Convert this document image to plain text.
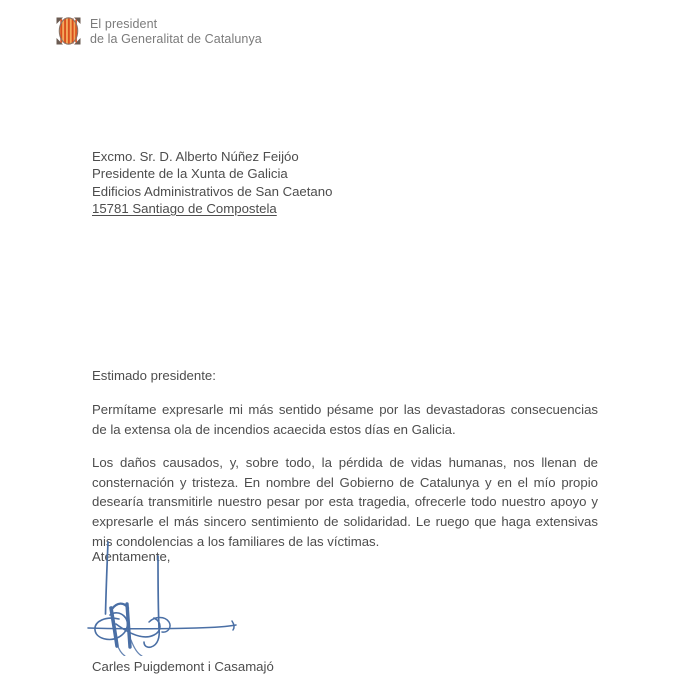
El president
de la Generalitat de Catalunya
Excmo. Sr. D. Alberto Núñez Feijóo
Presidente de la Xunta de Galicia
Edificios Administrativos de San Caetano
15781 Santiago de Compostela
Estimado presidente:

Permítame expresarle mi más sentido pésame por las devastadoras consecuencias de la extensa ola de incendios acaecida estos días en Galicia.

Los daños causados, y, sobre todo, la pérdida de vidas humanas, nos llenan de consternación y tristeza. En nombre del Gobierno de Catalunya y en el mío propio desearía transmitirle nuestro pesar por esta tragedia, ofrecerle todo nuestro apoyo y expresarle el más sincero sentimiento de solidaridad. Le ruego que haga extensivas mis condolencias a los familiares de las víctimas.

Atentamente,
Carles Puigdemont i Casamajó
